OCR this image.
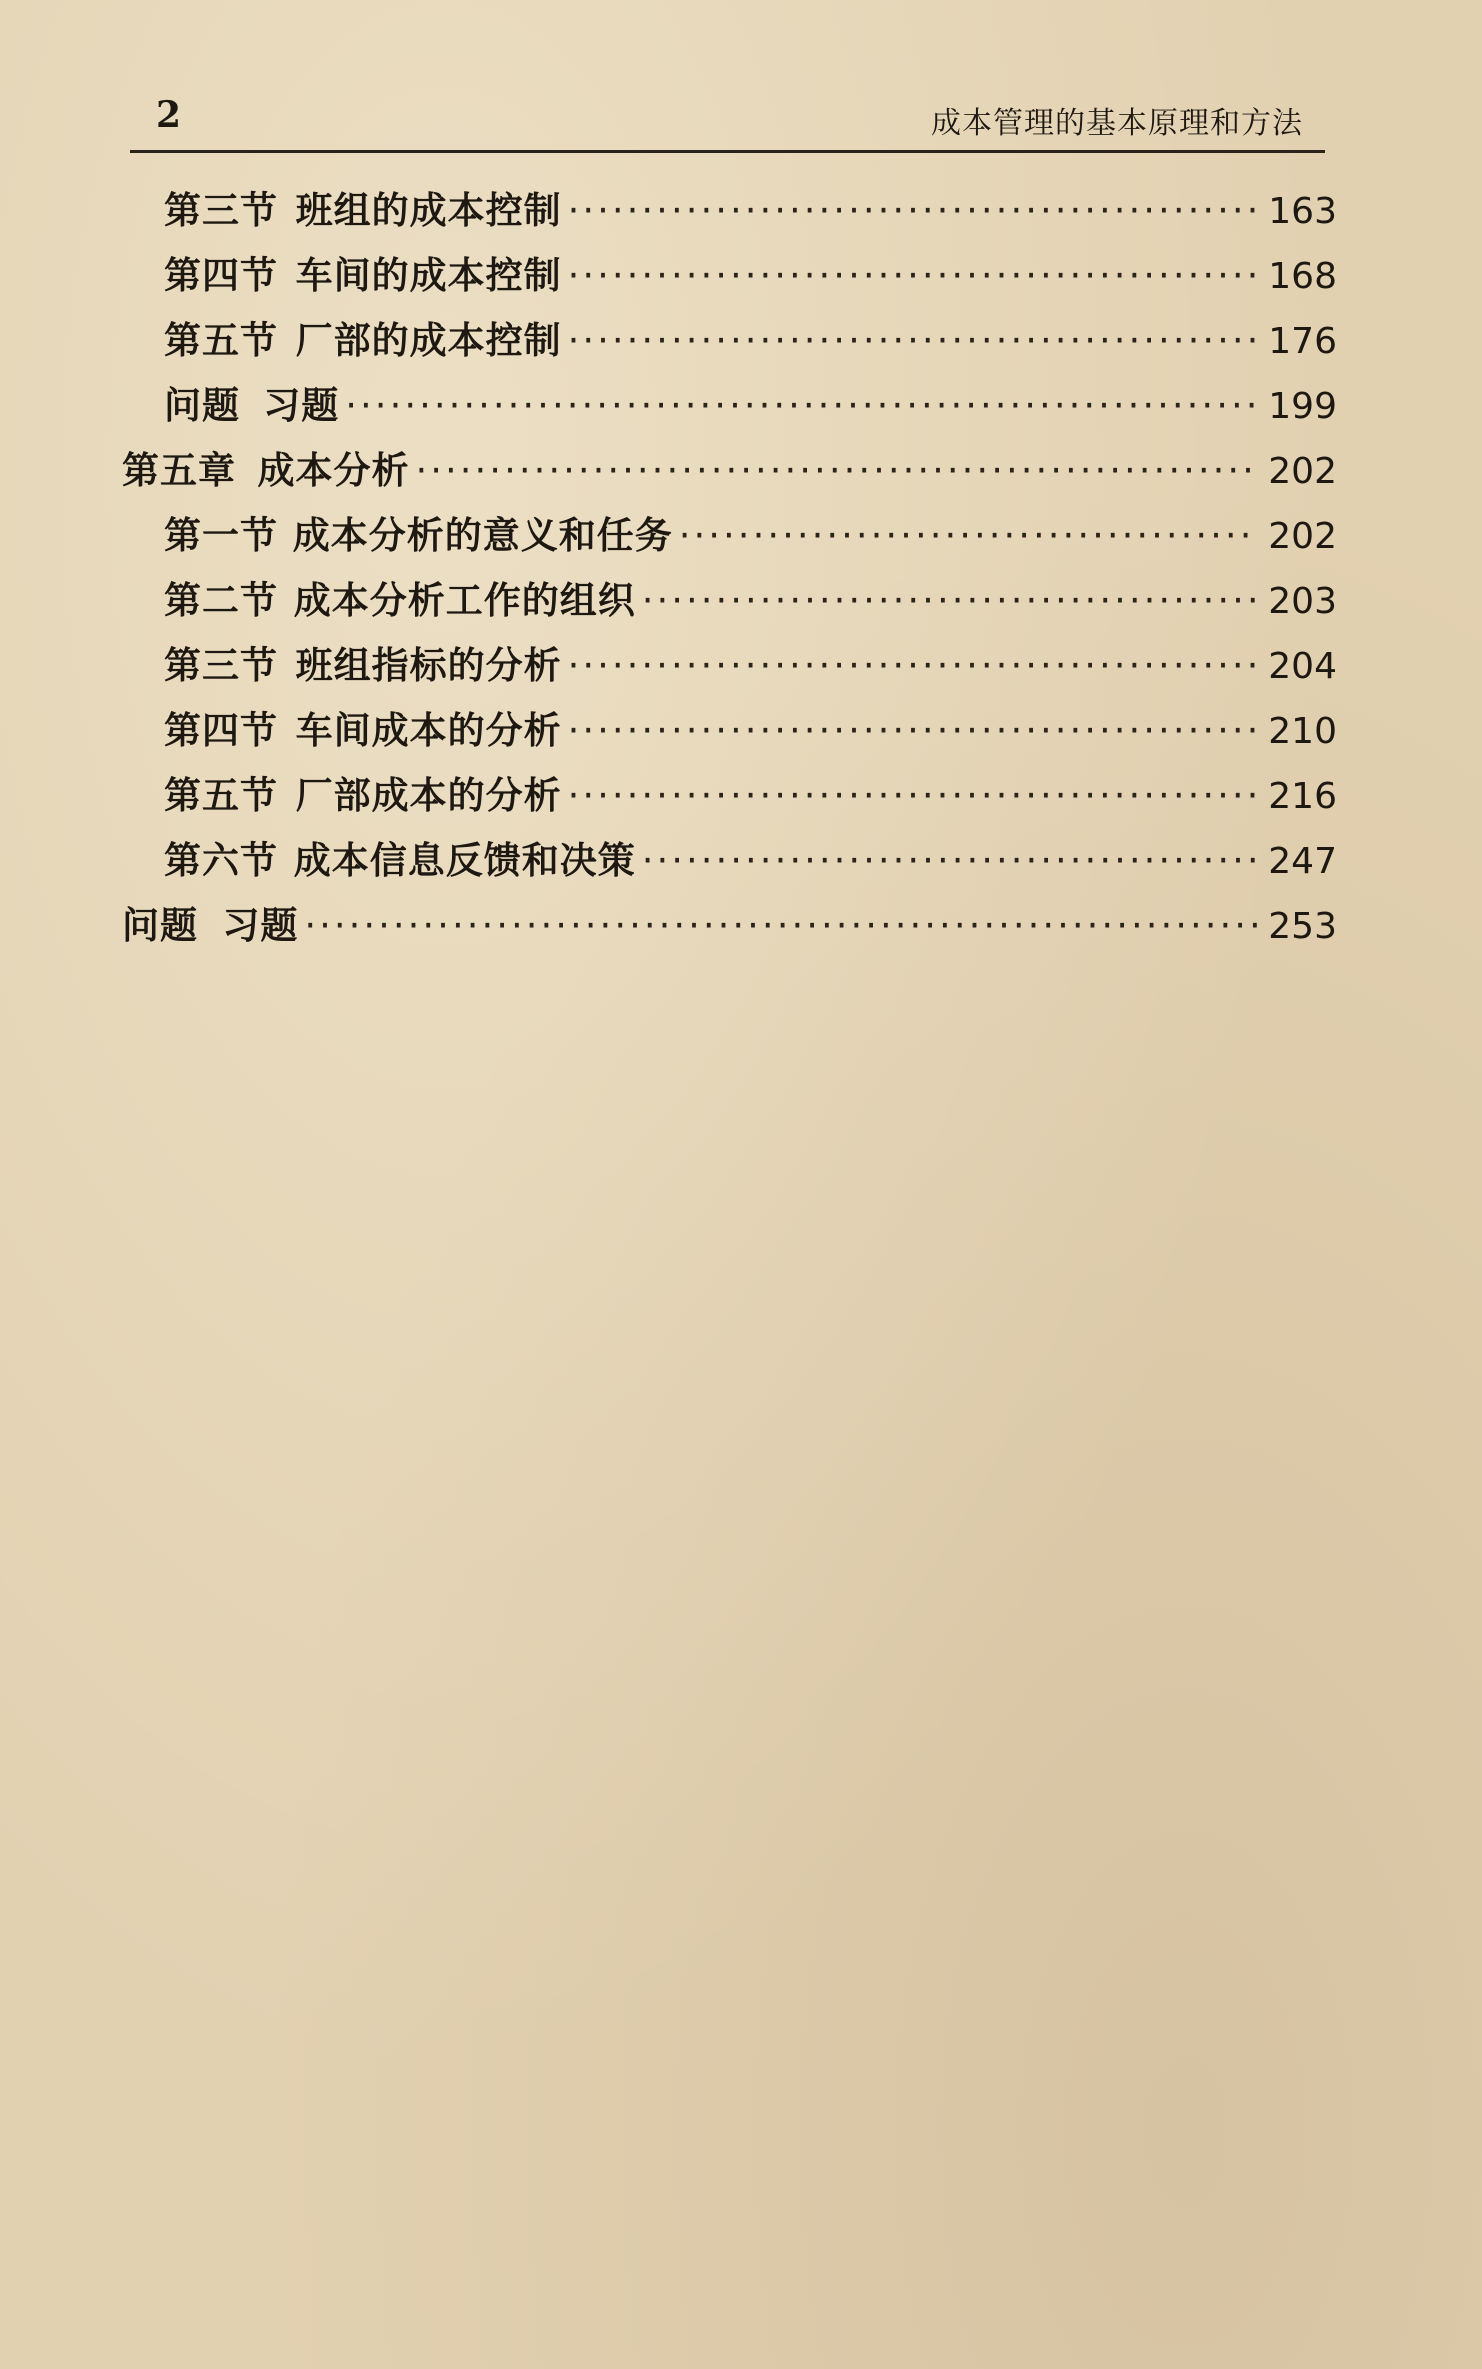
2	成本管理的基本原理和方法
第三节 班组的成本控制 ·····	163
第四节 车间的成本控制 ·····	168
第五节 厂部的成本控制 ·····	176
问题 习题 ·····	199
第五章 成本分析 ·····	202
第一节 成本分析的意义和任务 ·····	202
第二节 成本分析工作的组织 ·····	203
第三节 班组指标的分析 ·····	204
第四节 车间成本的分析 ·····	210
第五节 厂部成本的分析 ·····	216
第六节 成本信息反馈和决策 ·····	247
问题 习题 ·····	253
